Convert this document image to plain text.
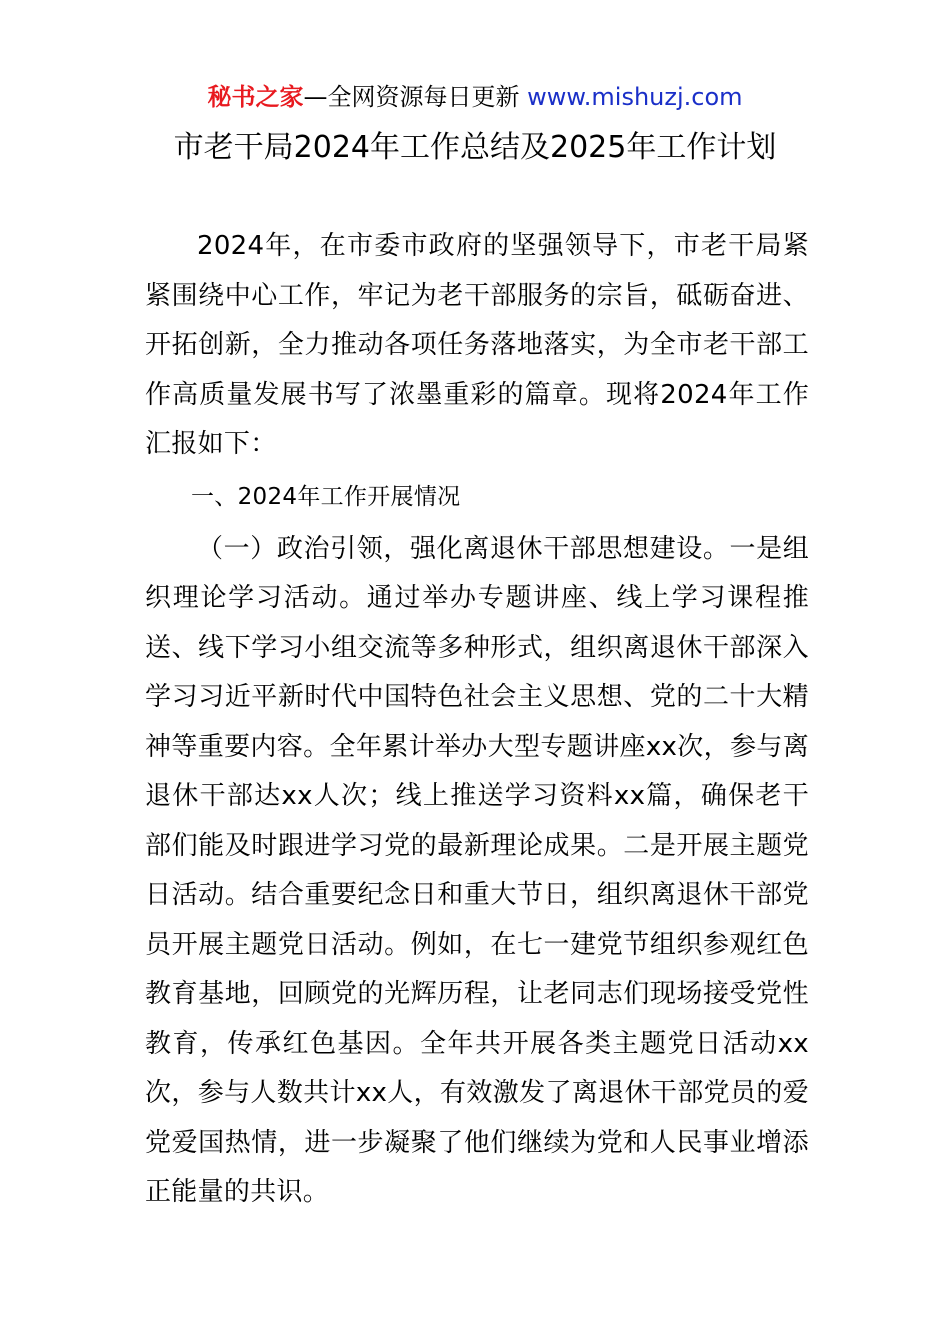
秘书之家—全网资源每日更新 www.mishuzj.com
市老干局2024年工作总结及2025年工作计划

2024年，在市委市政府的坚强领导下，市老干局紧紧围绕中心工作，牢记为老干部服务的宗旨，砥砺奋进、开拓创新，全力推动各项任务落地落实，为全市老干部工作高质量发展书写了浓墨重彩的篇章。现将2024年工作汇报如下：

一、2024年工作开展情况

（一）政治引领，强化离退休干部思想建设。一是组织理论学习活动。通过举办专题讲座、线上学习课程推送、线下学习小组交流等多种形式，组织离退休干部深入学习习近平新时代中国特色社会主义思想、党的二十大精神等重要内容。全年累计举办大型专题讲座xx次，参与离退休干部达xx人次；线上推送学习资料xx篇，确保老干部们能及时跟进学习党的最新理论成果。二是开展主题党日活动。结合重要纪念日和重大节日，组织离退休干部党员开展主题党日活动。例如，在七一建党节组织参观红色教育基地，回顾党的光辉历程，让老同志们现场接受党性教育，传承红色基因。全年共开展各类主题党日活动xx次，参与人数共计xx人，有效激发了离退休干部党员的爱党爱国热情，进一步凝聚了他们继续为党和人民事业增添正能量的共识。
